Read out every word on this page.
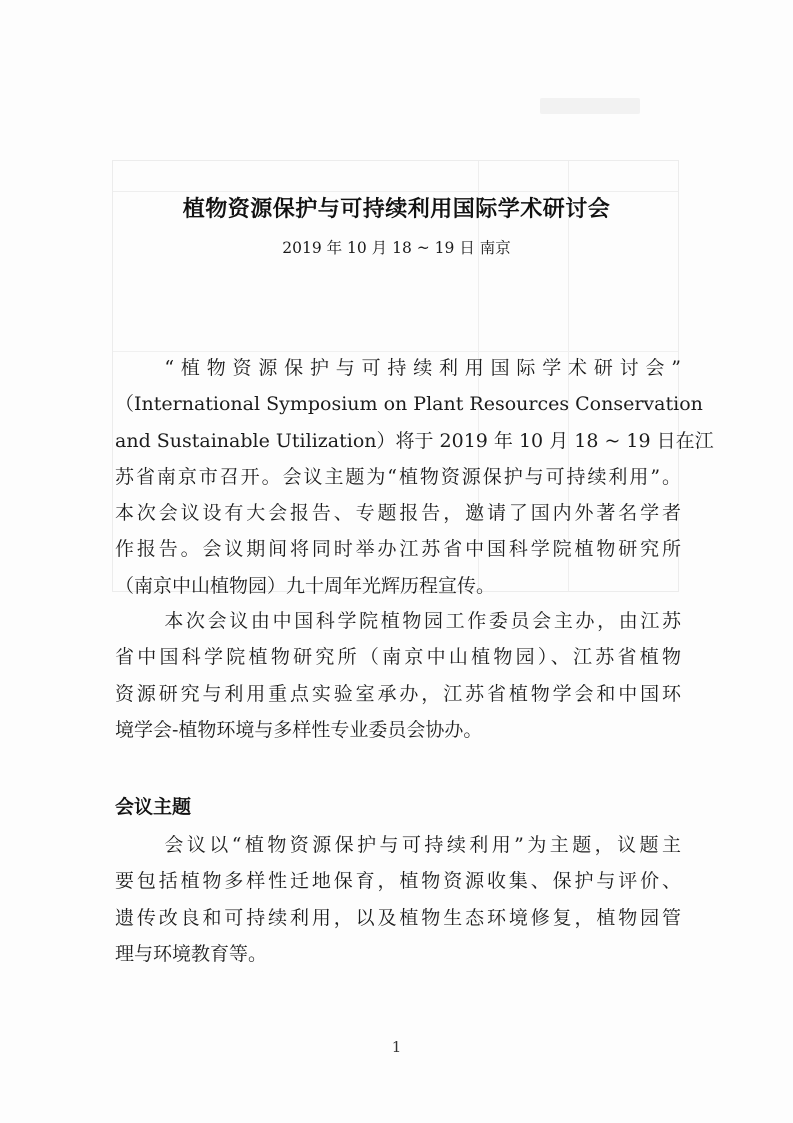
植物资源保护与可持续利用国际学术研讨会
2019 年 10 月 18 ~ 19 日 南京
“植物资源保护与可持续利用国际学术研讨会”
（International Symposium on Plant Resources Conservation
and Sustainable Utilization）将于 2019 年 10 月 18 ~ 19 日在江
苏省南京市召开。会议主题为“植物资源保护与可持续利用”。
本次会议设有大会报告、专题报告，邀请了国内外著名学者
作报告。会议期间将同时举办江苏省中国科学院植物研究所
（南京中山植物园）九十周年光辉历程宣传。
本次会议由中国科学院植物园工作委员会主办，由江苏
省中国科学院植物研究所（南京中山植物园）、江苏省植物
资源研究与利用重点实验室承办，江苏省植物学会和中国环
境学会-植物环境与多样性专业委员会协办。
会议主题
会议以“植物资源保护与可持续利用”为主题，议题主
要包括植物多样性迁地保育，植物资源收集、保护与评价、
遗传改良和可持续利用，以及植物生态环境修复，植物园管
理与环境教育等。
1
